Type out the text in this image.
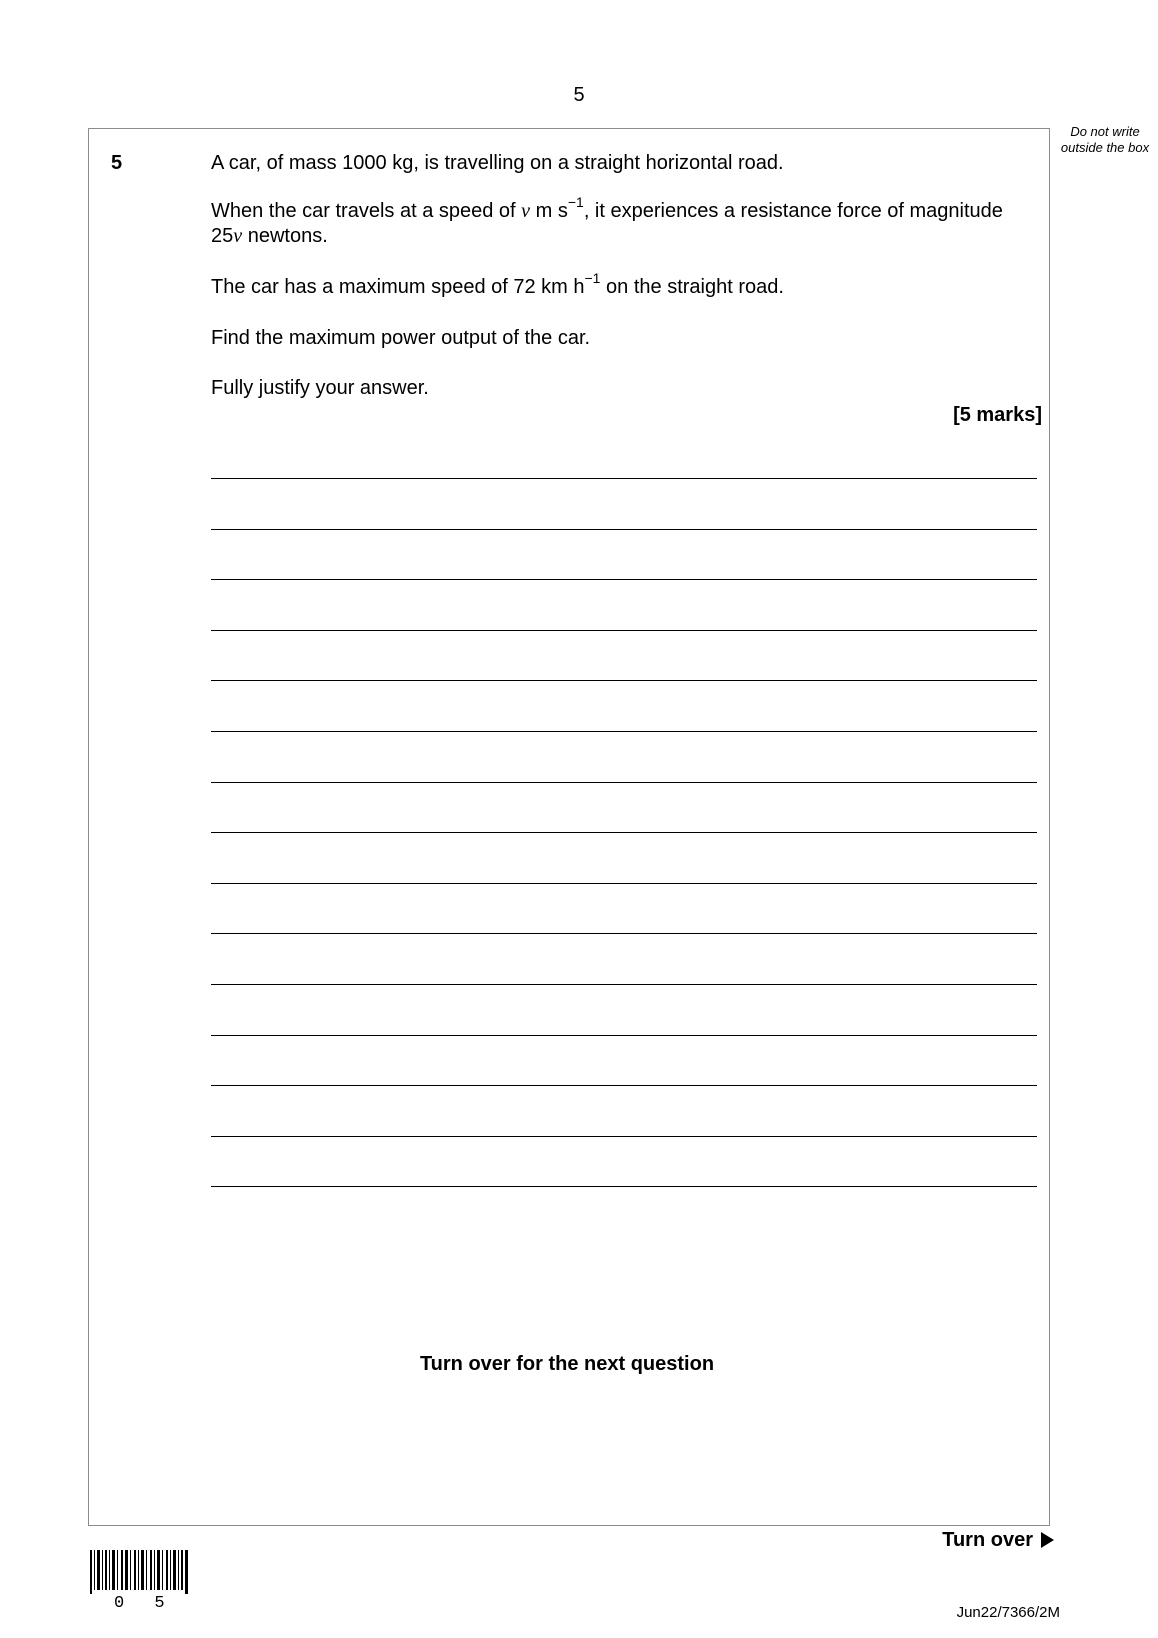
5
Do not write outside the box
5	A car, of mass 1000 kg, is travelling on a straight horizontal road.
When the car travels at a speed of v m $s^{-1}$, it experiences a resistance force of magnitude 25v newtons.
The car has a maximum speed of 72 km $h^{-1}$ on the straight road.
Find the maximum power output of the car.
Fully justify your answer.
[5 marks]
Turn over for the next question
Turn over
0 5	Jun22/7366/2M
